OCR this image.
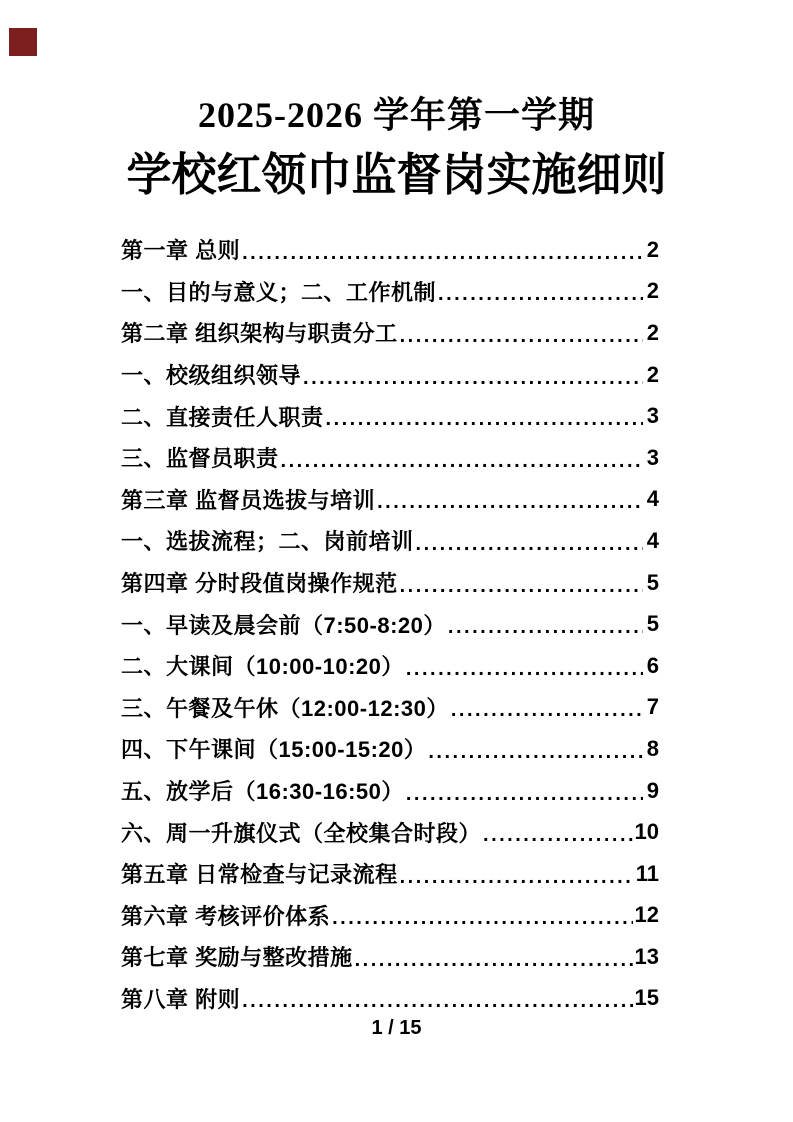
2025-2026 学年第一学期
学校红领巾监督岗实施细则
第一章 总则 .....	2
一、目的与意义；二、工作机制 .....	2
第二章 组织架构与职责分工 .....	2
一、校级组织领导 .....	2
二、直接责任人职责 .....	3
三、监督员职责 .....	3
第三章 监督员选拔与培训 .....	4
一、选拔流程；二、岗前培训 .....	4
第四章 分时段值岗操作规范 .....	5
一、早读及晨会前（7:50-8:20） .....	5
二、大课间（10:00-10:20） .....	6
三、午餐及午休（12:00-12:30） .....	7
四、下午课间（15:00-15:20） .....	8
五、放学后（16:30-16:50） .....	9
六、周一升旗仪式（全校集合时段） .....	10
第五章 日常检查与记录流程 .....	11
第六章 考核评价体系 .....	12
第七章 奖励与整改措施 .....	13
第八章 附则 .....	15
1 / 15
